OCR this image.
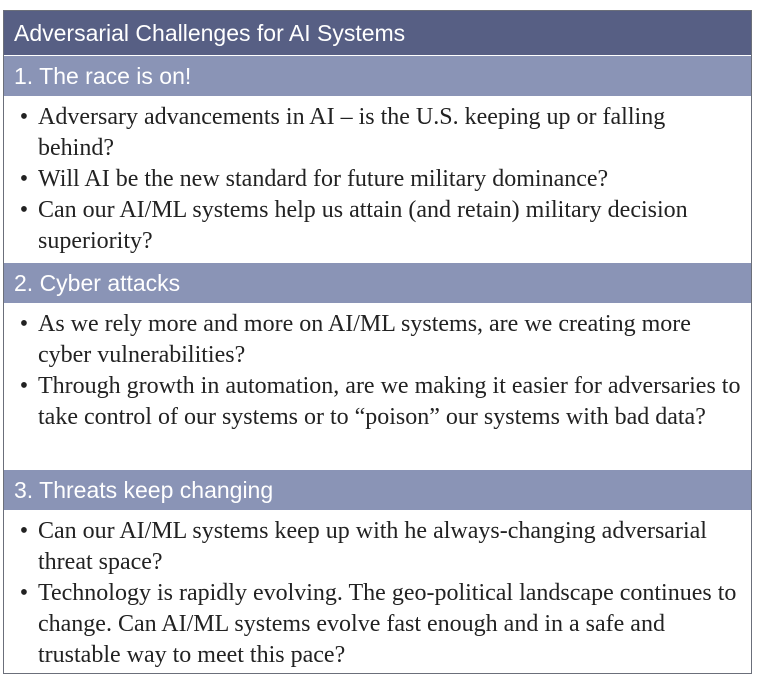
Adversarial Challenges for AI Systems
1. The race is on!
• Adversary advancements in AI – is the U.S. keeping up or falling behind?
• Will AI be the new standard for future military dominance?
• Can our AI/ML systems help us attain (and retain) military decision superiority?
2. Cyber attacks
• As we rely more and more on AI/ML systems, are we creating more cyber vulnerabilities?
• Through growth in automation, are we making it easier for adversaries to take control of our systems or to “poison” our systems with bad data?
3. Threats keep changing
• Can our AI/ML systems keep up with he always-changing adversarial threat space?
• Technology is rapidly evolving. The geo-political landscape continues to change. Can AI/ML systems evolve fast enough and in a safe and trustable way to meet this pace?
